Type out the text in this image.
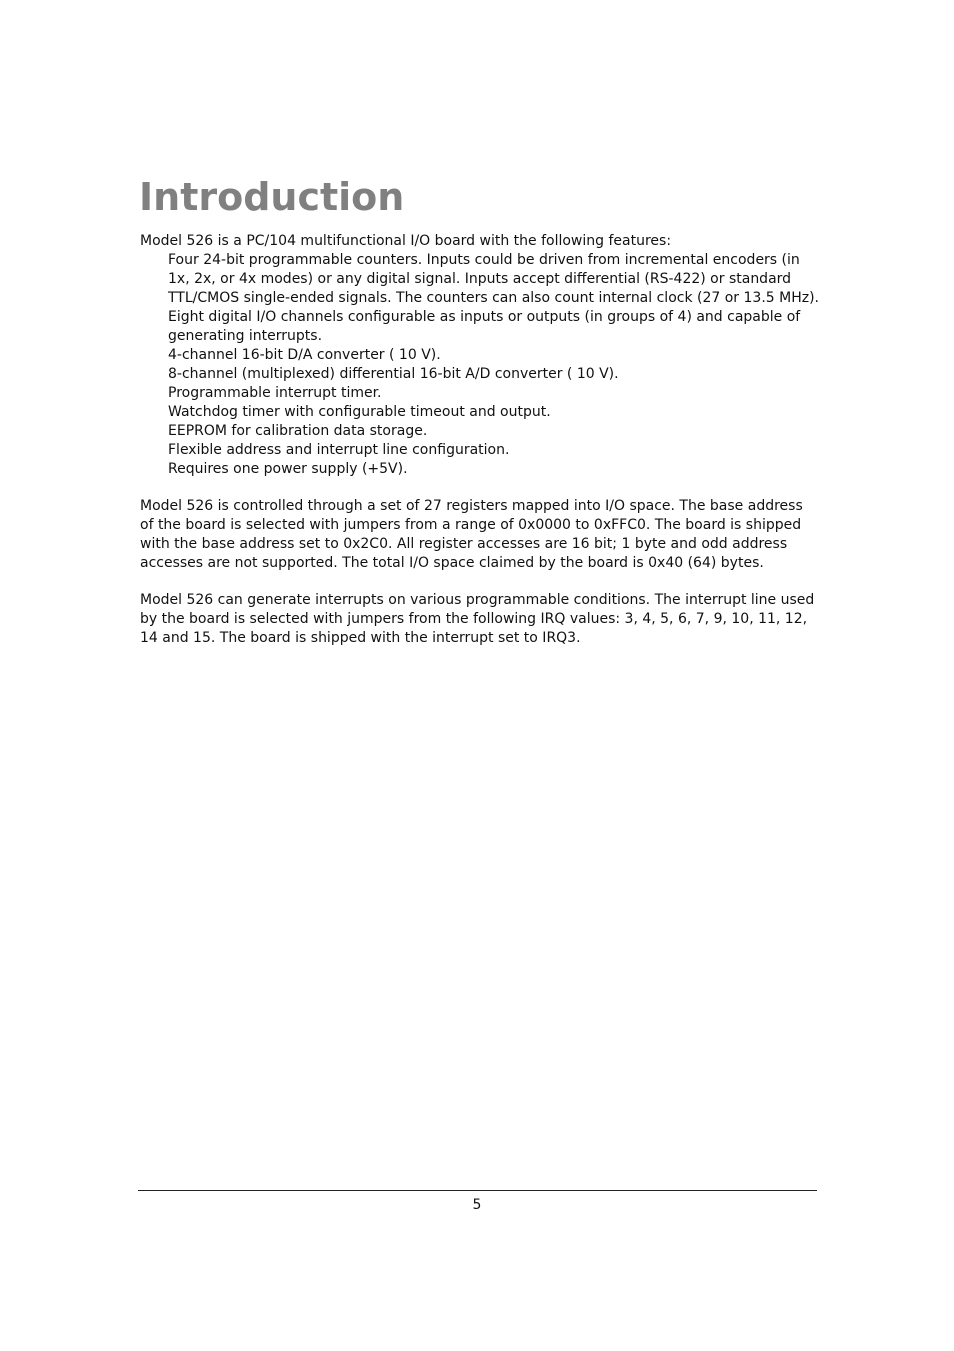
Introduction

Model 526 is a PC/104 multifunctional I/O board with the following features:

Four 24-bit programmable counters. Inputs could be driven from incremental encoders (in 1x, 2x, or 4x modes) or any digital signal. Inputs accept differential (RS-422) or standard TTL/CMOS single-ended signals. The counters can also count internal clock (27 or 13.5 MHz).
Eight digital I/O channels configurable as inputs or outputs (in groups of 4) and capable of generating interrupts.
4-channel 16-bit D/A converter ( 10 V).
8-channel (multiplexed) differential 16-bit A/D converter ( 10 V).
Programmable interrupt timer.
Watchdog timer with configurable timeout and output.
EEPROM for calibration data storage.
Flexible address and interrupt line configuration.
Requires one power supply (+5V).

Model 526 is controlled through a set of 27 registers mapped into I/O space. The base address of the board is selected with jumpers from a range of 0x0000 to 0xFFC0. The board is shipped with the base address set to 0x2C0. All register accesses are 16 bit; 1 byte and odd address accesses are not supported. The total I/O space claimed by the board is 0x40 (64) bytes.

Model 526 can generate interrupts on various programmable conditions. The interrupt line used by the board is selected with jumpers from the following IRQ values: 3, 4, 5, 6, 7, 9, 10, 11, 12, 14 and 15. The board is shipped with the interrupt set to IRQ3.

5
